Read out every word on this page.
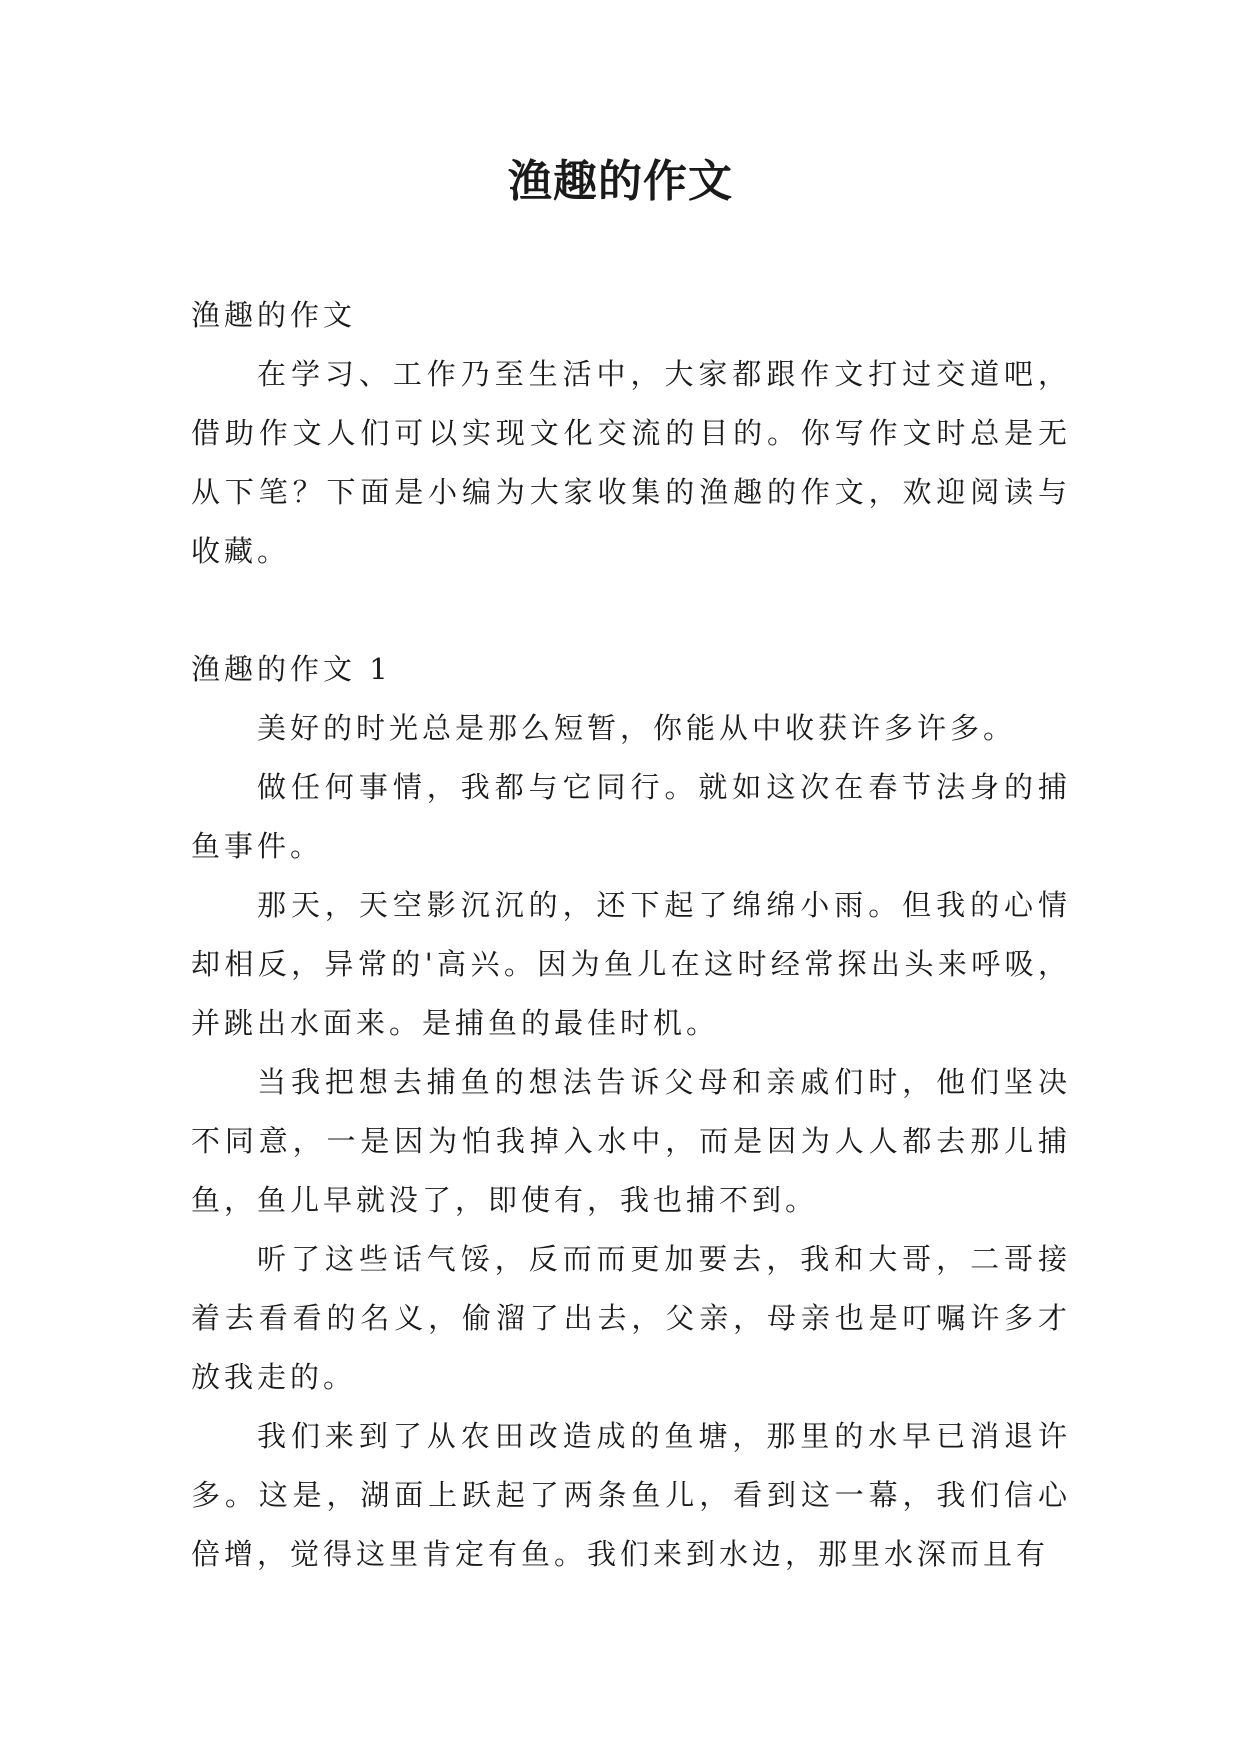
渔趣的作文
渔趣的作文

在学习、工作乃至生活中，大家都跟作文打过交道吧，借助作文人们可以实现文化交流的目的。你写作文时总是无从下笔？下面是小编为大家收集的渔趣的作文，欢迎阅读与收藏。

渔趣的作文 1

美好的时光总是那么短暂，你能从中收获许多许多。

做任何事情，我都与它同行。就如这次在春节法身的捕鱼事件。

那天，天空影沉沉的，还下起了绵绵小雨。但我的心情却相反，异常的'高兴。因为鱼儿在这时经常探出头来呼吸，并跳出水面来。是捕鱼的最佳时机。

当我把想去捕鱼的想法告诉父母和亲戚们时，他们坚决不同意，一是因为怕我掉入水中，而是因为人人都去那儿捕鱼，鱼儿早就没了，即使有，我也捕不到。

听了这些话气馁，反而而更加要去，我和大哥，二哥接着去看看的名义，偷溜了出去，父亲，母亲也是叮嘱许多才放我走的。

我们来到了从农田改造成的鱼塘，那里的水早已消退许多。这是，湖面上跃起了两条鱼儿，看到这一幕，我们信心倍增，觉得这里肯定有鱼。我们来到水边，那里水深而且有
